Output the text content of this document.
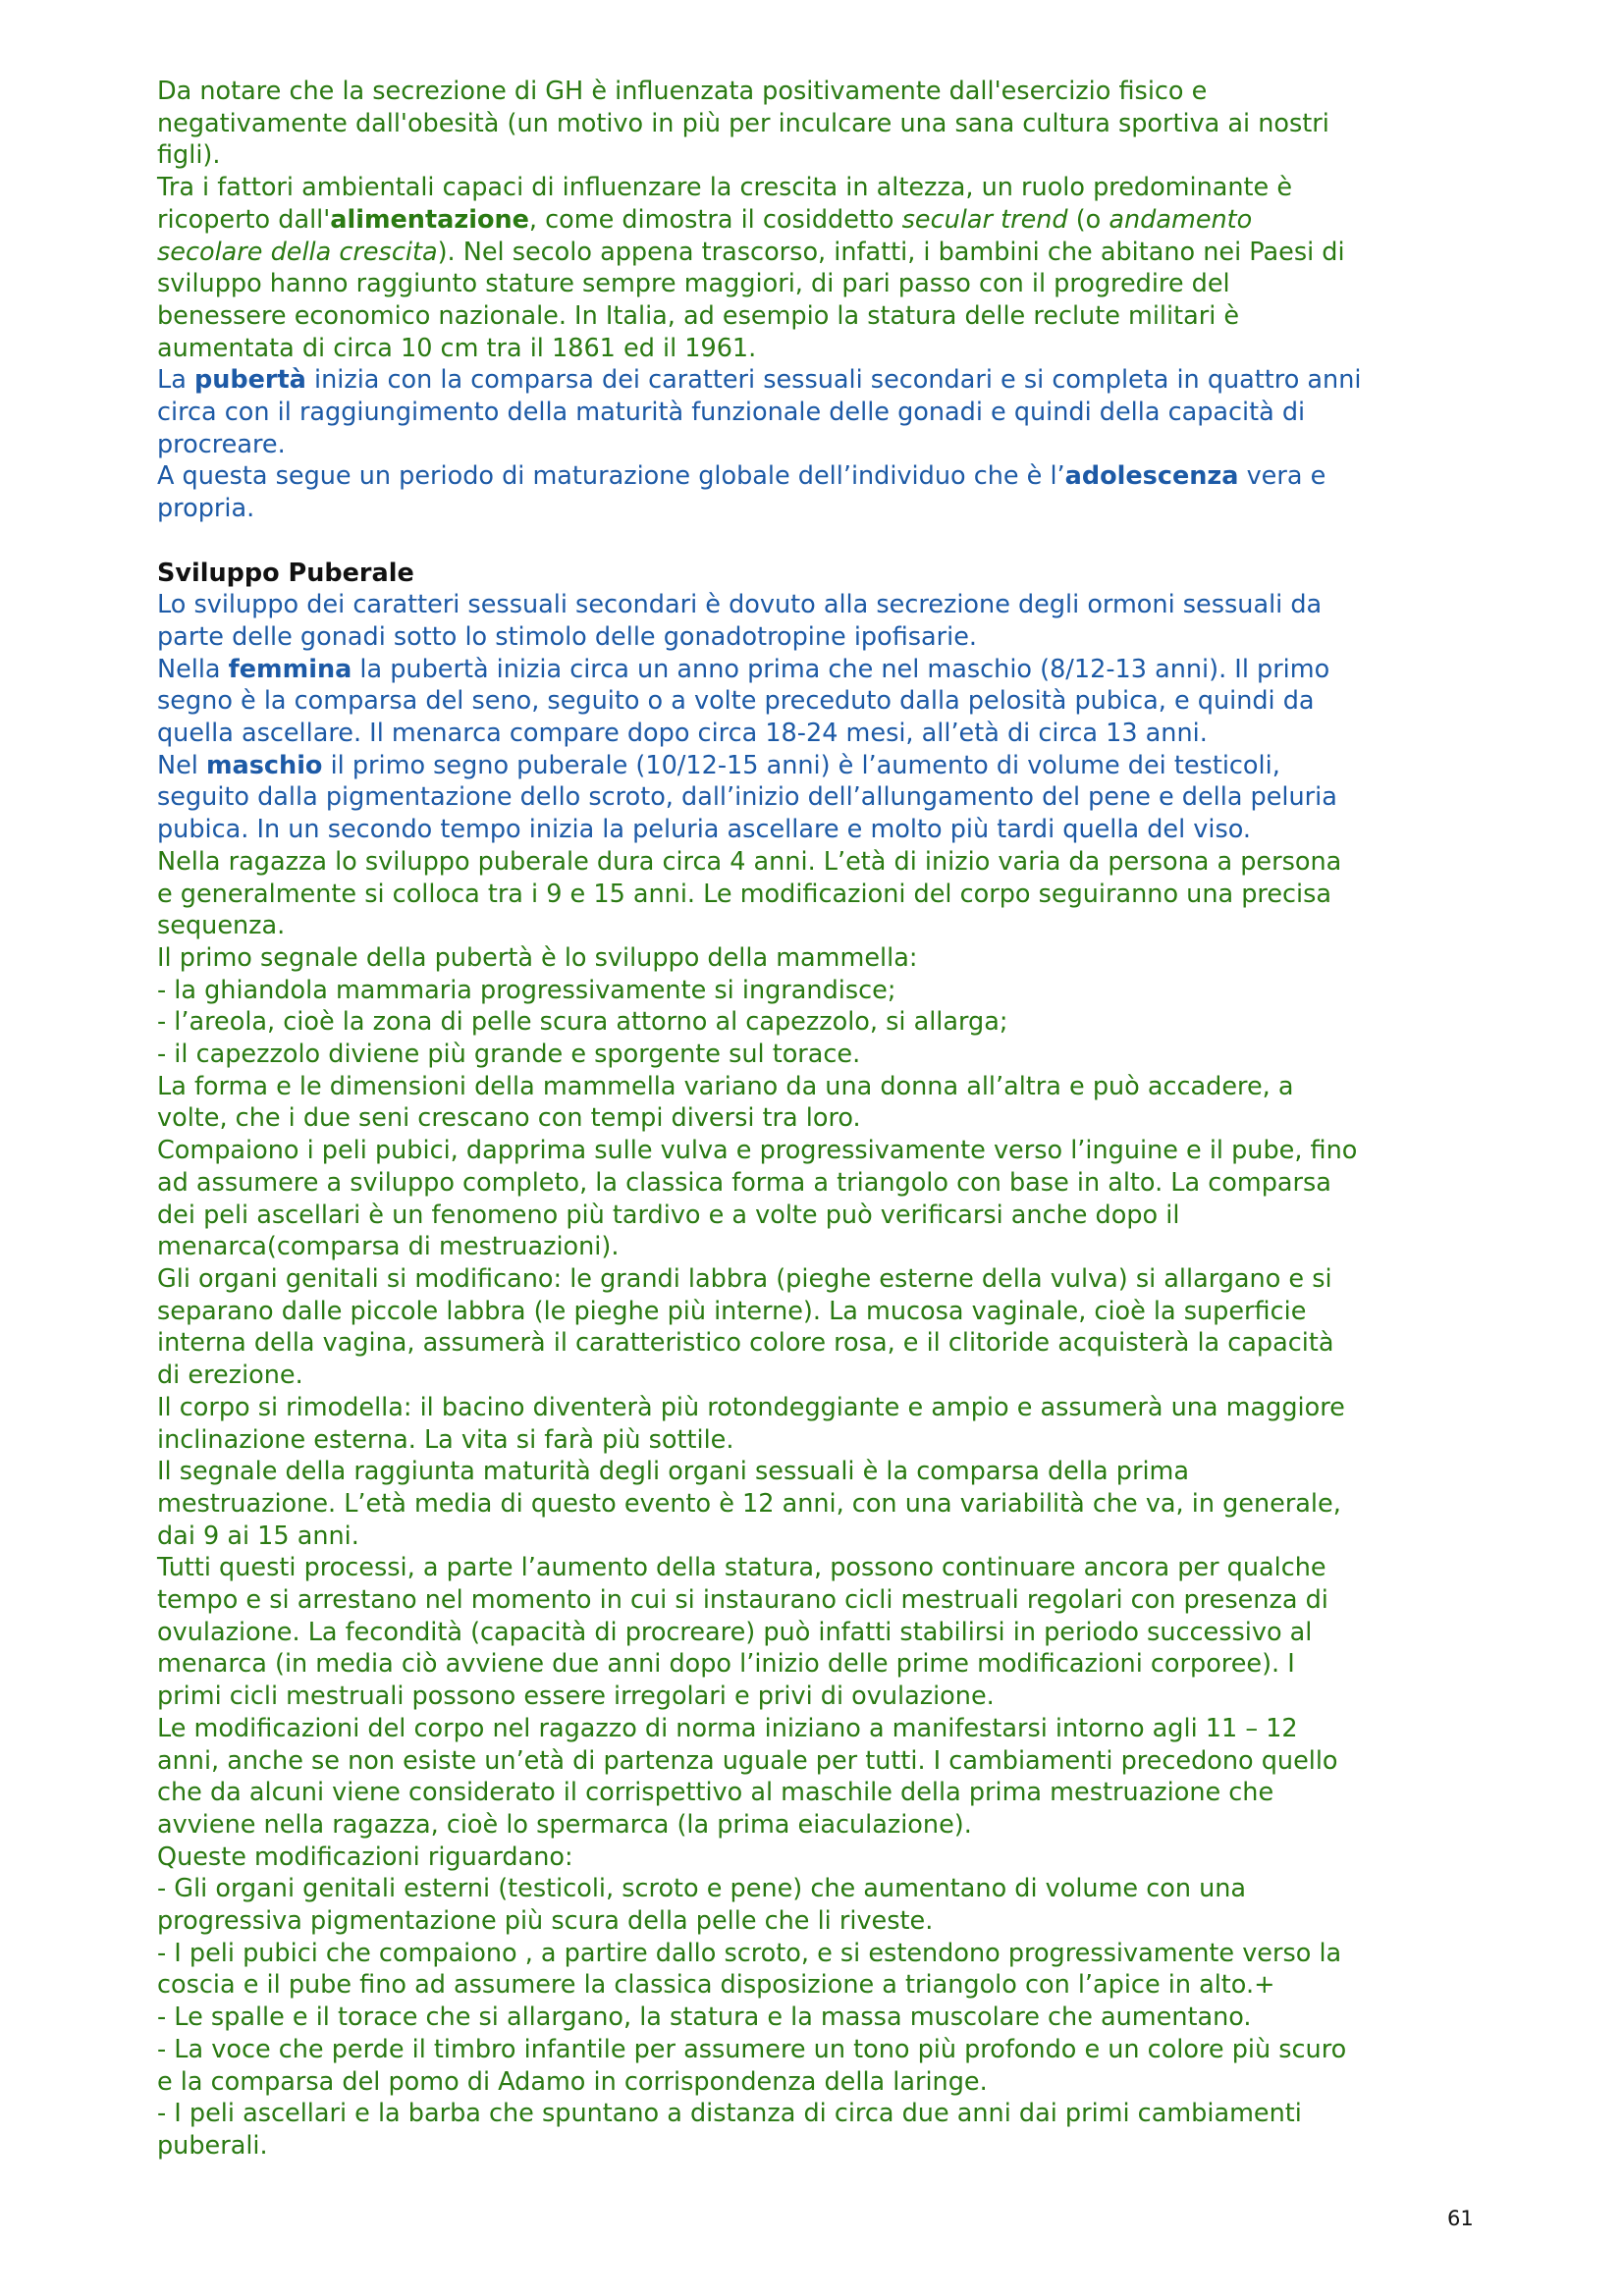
Da notare che la secrezione di GH è influenzata positivamente dall'esercizio fisico e
negativamente dall'obesità (un motivo in più per inculcare una sana cultura sportiva ai nostri
figli).

Tra i fattori ambientali capaci di influenzare la crescita in altezza, un ruolo predominante è
ricoperto dall'alimentazione, come dimostra il cosiddetto secular trend (o andamento
secolare della crescita). Nel secolo appena trascorso, infatti, i bambini che abitano nei Paesi di
sviluppo hanno raggiunto stature sempre maggiori, di pari passo con il progredire del
benessere economico nazionale. In Italia, ad esempio la statura delle reclute militari è
aumentata di circa 10 cm tra il 1861 ed il 1961.

La pubertà inizia con la comparsa dei caratteri sessuali secondari e si completa in quattro anni
circa con il raggiungimento della maturità funzionale delle gonadi e quindi della capacità di
procreare.

A questa segue un periodo di maturazione globale dell’individuo che è l’adolescenza vera e
propria.

Sviluppo Puberale

Lo sviluppo dei caratteri sessuali secondari è dovuto alla secrezione degli ormoni sessuali da
parte delle gonadi sotto lo stimolo delle gonadotropine ipofisarie.

Nella femmina la pubertà inizia circa un anno prima che nel maschio (8/12-13 anni). Il primo
segno è la comparsa del seno, seguito o a volte preceduto dalla pelosità pubica, e quindi da
quella ascellare. Il menarca compare dopo circa 18-24 mesi, all’età di circa 13 anni.

Nel maschio il primo segno puberale (10/12-15 anni) è l’aumento di volume dei testicoli,
seguito dalla pigmentazione dello scroto, dall’inizio dell’allungamento del pene e della peluria
pubica. In un secondo tempo inizia la peluria ascellare e molto più tardi quella del viso.

Nella ragazza lo sviluppo puberale dura circa 4 anni. L’età di inizio varia da persona a persona
e generalmente si colloca tra i 9 e 15 anni. Le modificazioni del corpo seguiranno una precisa
sequenza.

Il primo segnale della pubertà è lo sviluppo della mammella:
- la ghiandola mammaria progressivamente si ingrandisce;
- l’areola, cioè la zona di pelle scura attorno al capezzolo, si allarga;
- il capezzolo diviene più grande e sporgente sul torace.

La forma e le dimensioni della mammella variano da una donna all’altra e può accadere, a
volte, che i due seni crescano con tempi diversi tra loro.

Compaiono i peli pubici, dapprima sulle vulva e progressivamente verso l’inguine e il pube, fino
ad assumere a sviluppo completo, la classica forma a triangolo con base in alto. La comparsa
dei peli ascellari è un fenomeno più tardivo e a volte può verificarsi anche dopo il
menarca(comparsa di mestruazioni).

Gli organi genitali si modificano: le grandi labbra (pieghe esterne della vulva) si allargano e si
separano dalle piccole labbra (le pieghe più interne). La mucosa vaginale, cioè la superficie
interna della vagina, assumerà il caratteristico colore rosa, e il clitoride acquisterà la capacità
di erezione.

Il corpo si rimodella: il bacino diventerà più rotondeggiante e ampio e assumerà una maggiore
inclinazione esterna. La vita si farà più sottile.

Il segnale della raggiunta maturità degli organi sessuali è la comparsa della prima
mestruazione. L’età media di questo evento è 12 anni, con una variabilità che va, in generale,
dai 9 ai 15 anni.

Tutti questi processi, a parte l’aumento della statura, possono continuare ancora per qualche
tempo e si arrestano nel momento in cui si instaurano cicli mestruali regolari con presenza di
ovulazione. La fecondità (capacità di procreare) può infatti stabilirsi in periodo successivo al
menarca (in media ciò avviene due anni dopo l’inizio delle prime modificazioni corporee). I
primi cicli mestruali possono essere irregolari e privi di ovulazione.

Le modificazioni del corpo nel ragazzo di norma iniziano a manifestarsi intorno agli 11 – 12
anni, anche se non esiste un’età di partenza uguale per tutti. I cambiamenti precedono quello
che da alcuni viene considerato il corrispettivo al maschile della prima mestruazione che
avviene nella ragazza, cioè lo spermarca (la prima eiaculazione).

Queste modificazioni riguardano:
- Gli organi genitali esterni (testicoli, scroto e pene) che aumentano di volume con una
progressiva pigmentazione più scura della pelle che li riveste.
- I peli pubici che compaiono , a partire dallo scroto, e si estendono progressivamente verso la
coscia e il pube fino ad assumere la classica disposizione a triangolo con l’apice in alto.+
- Le spalle e il torace che si allargano, la statura e la massa muscolare che aumentano.
- La voce che perde il timbro infantile per assumere un tono più profondo e un colore più scuro
e la comparsa del pomo di Adamo in corrispondenza della laringe.
- I peli ascellari e la barba che spuntano a distanza di circa due anni dai primi cambiamenti
puberali.

61
